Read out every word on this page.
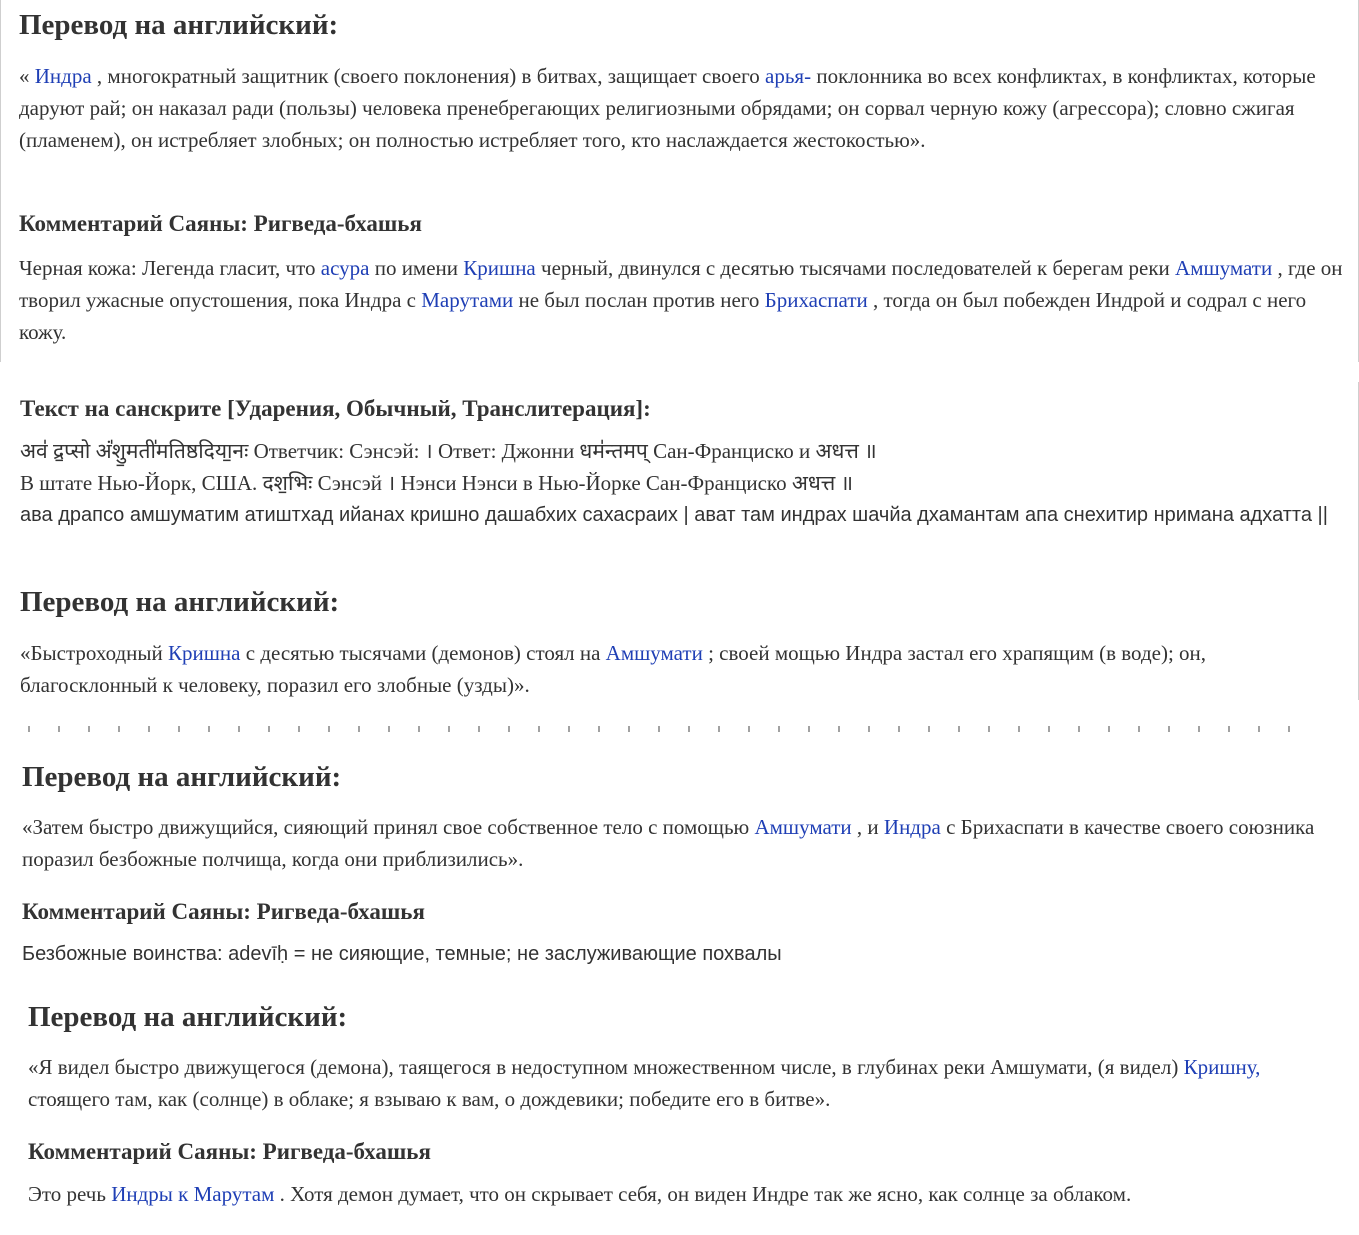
Перевод на английский:

« Индра , многократный защитник (своего поклонения) в битвах, защищает своего арья- поклонника во всех конфликтах, в конфликтах, которые даруют рай; он наказал ради (пользы) человека пренебрегающих религиозными обрядами; он сорвал черную кожу (агрессора); словно сжигая (пламенем), он истребляет злобных; он полностью истребляет того, кто наслаждается жестокостью».

Комментарий Саяны: Ригведа-бхашья

Черная кожа: Легенда гласит, что асура по имени Кришна черный, двинулся с десятью тысячами последователей к берегам реки Амшумати , где он творил ужасные опустошения, пока Индра с Марутами не был послан против него Брихаспати , тогда он был побежден Индрой и содрал с него кожу.

Текст на санскрите [Ударения, Обычный, Транслитерация]:

अव॑ द्र॒प्सो अं॑शु॒मती॑मतिष्ठदिया॒नः Ответчик: Сэнсэй: । Ответ: Джонни धम॑न्तमप् Сан-Франциско и अधत्त ॥

В штате Нью-Йорк, США. दश॒भिः Сэнсэй । Нэнси Нэнси в Нью-Йорке Сан-Франциско अधत्त ॥

ава драпсо амшуматим атиштхад ийанах кришно дашабхих сахасраих | ават там индрах шачйа дхамантам апа снехитир нримана адхатта ||

Перевод на английский:

«Быстроходный Кришна с десятью тысячами (демонов) стоял на Амшумати ; своей мощью Индра застал его храпящим (в воде); он, благосклонный к человеку, поразил его злобные (узды)».

Перевод на английский:

«Затем быстро движущийся, сияющий принял свое собственное тело с помощью Амшумати , и Индра с Брихаспати в качестве своего союзника поразил безбожные полчища, когда они приблизились».

Комментарий Саяны: Ригведа-бхашья

Безбожные воинства: adevīḥ = не сияющие, темные; не заслуживающие похвалы

Перевод на английский:

«Я видел быстро движущегося (демона), таящегося в недоступном множественном числе, в глубинах реки Амшумати, (я видел) Кришну, стоящего там, как (солнце) в облаке; я взываю к вам, о дождевики; победите его в битве».

Комментарий Саяны: Ригведа-бхашья

Это речь Индры к Марутам . Хотя демон думает, что он скрывает себя, он виден Индре так же ясно, как солнце за облаком.
